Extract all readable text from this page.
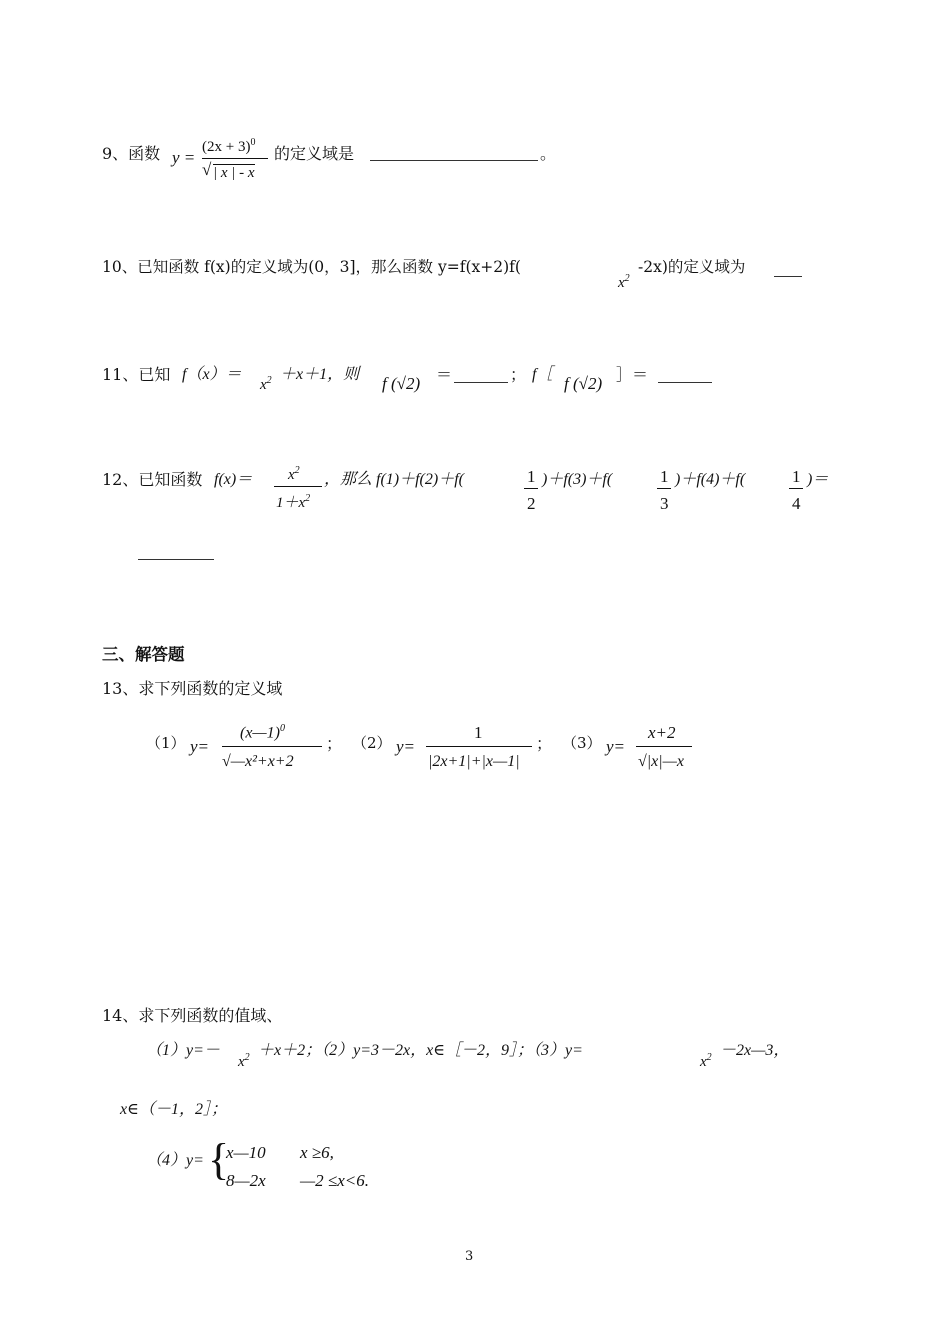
9、函数 y =
$(2x + 3)^0$
√ | x | - x
的定义域是	。
10、已知函数 f(x)的定义域为(0，3]，那么函数 y=f(x+2)f(
$x^2$
-2x)的定义域为
11、已知 f（x）＝
$x^2 +x+1$，则 f (√2) ＝	； f［ f (√2) ］＝
12、已知函数 $f(x)= x^2$
$1+x^2$
，那么 f(1)＋f(2)＋f(	1
2
)＋f(3)＋f(	1
3
)＋f(4)＋f(	1
4
)＝
三、解答题
13、求下列函数的定义域
（1） y=
(x—1)$^0$
√—x²+x+2
； （2） y=
1
|2x+1|+|x—1|
； （3） y=
x+2
√|x|—x
14、求下列函数的值域、
（1）y=－
$x^2 +x+2$；（2）y=3－2x，x∈［－2，9］；（3）y=
$x^2$ －2x—3，
x∈（－1，2］；
（4）y= {
x—10 x ≥6,
8—2x —2 ≤x<6.
3
